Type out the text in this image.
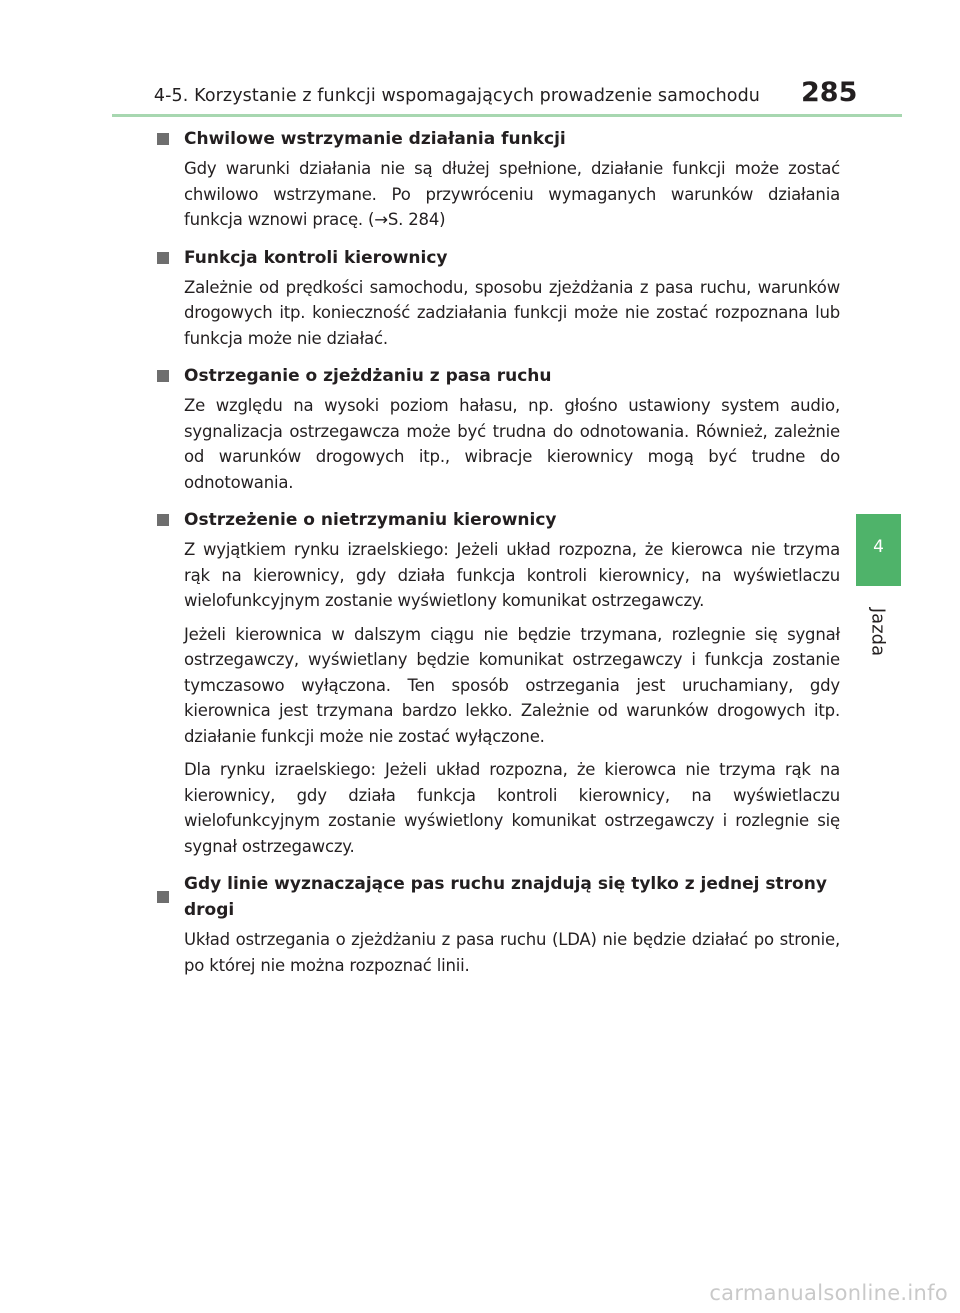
4-5. Korzystanie z funkcji wspomagających prowadzenie samochodu 285
4
Jazda
Chwilowe wstrzymanie działania funkcji

Gdy warunki działania nie są dłużej spełnione, działanie funkcji może zostać chwilowo wstrzymane. Po przywróceniu wymaganych warunków działania funkcja wznowi pracę. (→S. 284)

Funkcja kontroli kierownicy

Zależnie od prędkości samochodu, sposobu zjeżdżania z pasa ruchu, warunków drogowych itp. konieczność zadziałania funkcji może nie zostać rozpoznana lub funkcja może nie działać.

Ostrzeganie o zjeżdżaniu z pasa ruchu

Ze względu na wysoki poziom hałasu, np. głośno ustawiony system audio, sygnalizacja ostrzegawcza może być trudna do odnotowania. Również, zależnie od warunków drogowych itp., wibracje kierownicy mogą być trudne do odnotowania.

Ostrzeżenie o nietrzymaniu kierownicy

Z wyjątkiem rynku izraelskiego: Jeżeli układ rozpozna, że kierowca nie trzyma rąk na kierownicy, gdy działa funkcja kontroli kierownicy, na wyświetlaczu wielofunkcyjnym zostanie wyświetlony komunikat ostrzegawczy.

Jeżeli kierownica w dalszym ciągu nie będzie trzymana, rozlegnie się sygnał ostrzegawczy, wyświetlany będzie komunikat ostrzegawczy i funkcja zostanie tymczasowo wyłączona. Ten sposób ostrzegania jest uruchamiany, gdy kierownica jest trzymana bardzo lekko. Zależnie od warunków drogowych itp. działanie funkcji może nie zostać wyłączone.

Dla rynku izraelskiego: Jeżeli układ rozpozna, że kierowca nie trzyma rąk na kierownicy, gdy działa funkcja kontroli kierownicy, na wyświetlaczu wielofunkcyjnym zostanie wyświetlony komunikat ostrzegawczy i rozlegnie się sygnał ostrzegawczy.

Gdy linie wyznaczające pas ruchu znajdują się tylko z jednej strony drogi

Układ ostrzegania o zjeżdżaniu z pasa ruchu (LDA) nie będzie działać po stronie, po której nie można rozpoznać linii.

carmanualsonline.info
